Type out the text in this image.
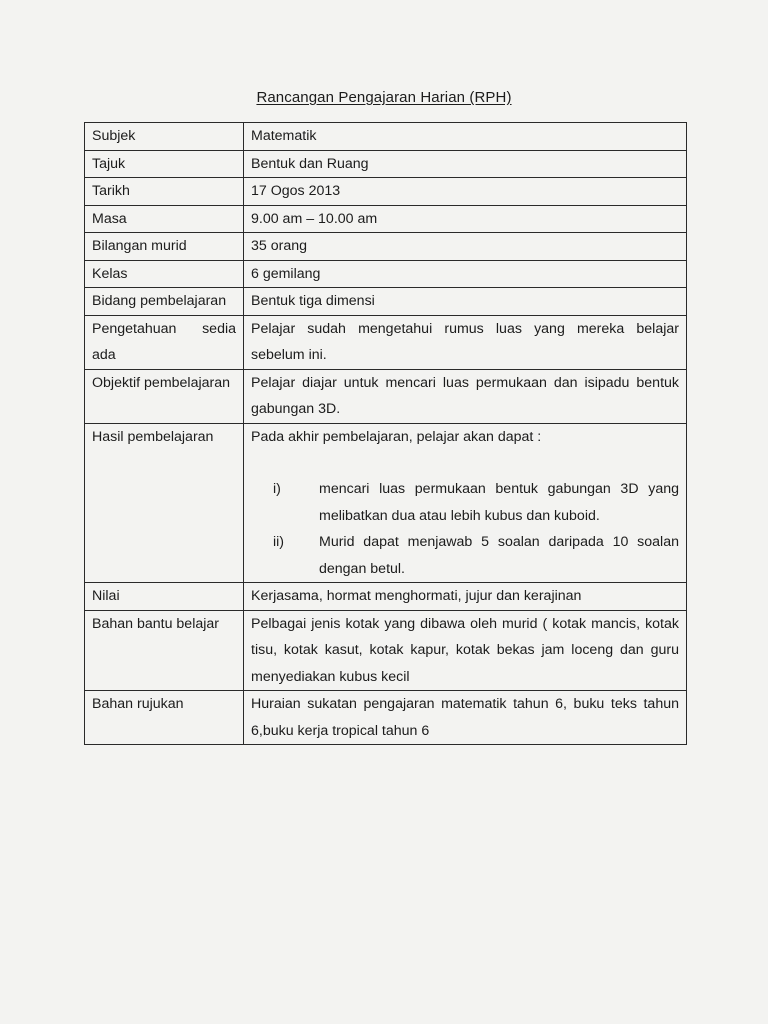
Rancangan Pengajaran Harian (RPH)
Subjek	Matematik
Tajuk	Bentuk dan Ruang
Tarikh	17 Ogos 2013
Masa	9.00 am – 10.00 am
Bilangan murid	35 orang
Kelas	6 gemilang
Bidang pembelajaran	Bentuk tiga dimensi
Pengetahuan sedia ada	Pelajar sudah mengetahui rumus luas yang mereka belajar sebelum ini.
Objektif pembelajaran	Pelajar diajar untuk mencari luas permukaan dan isipadu bentuk gabungan 3D.
Hasil pembelajaran	Pada akhir pembelajaran, pelajar akan dapat :
i) mencari luas permukaan bentuk gabungan 3D yang melibatkan dua atau lebih kubus dan kuboid.
ii) Murid dapat menjawab 5 soalan daripada 10 soalan dengan betul.

Nilai	Kerjasama, hormat menghormati, jujur dan kerajinan
Bahan bantu belajar	Pelbagai jenis kotak yang dibawa oleh murid ( kotak mancis, kotak tisu, kotak kasut, kotak kapur, kotak bekas jam loceng dan guru menyediakan kubus kecil
Bahan rujukan	Huraian sukatan pengajaran matematik tahun 6, buku teks tahun 6,buku kerja tropical tahun 6
